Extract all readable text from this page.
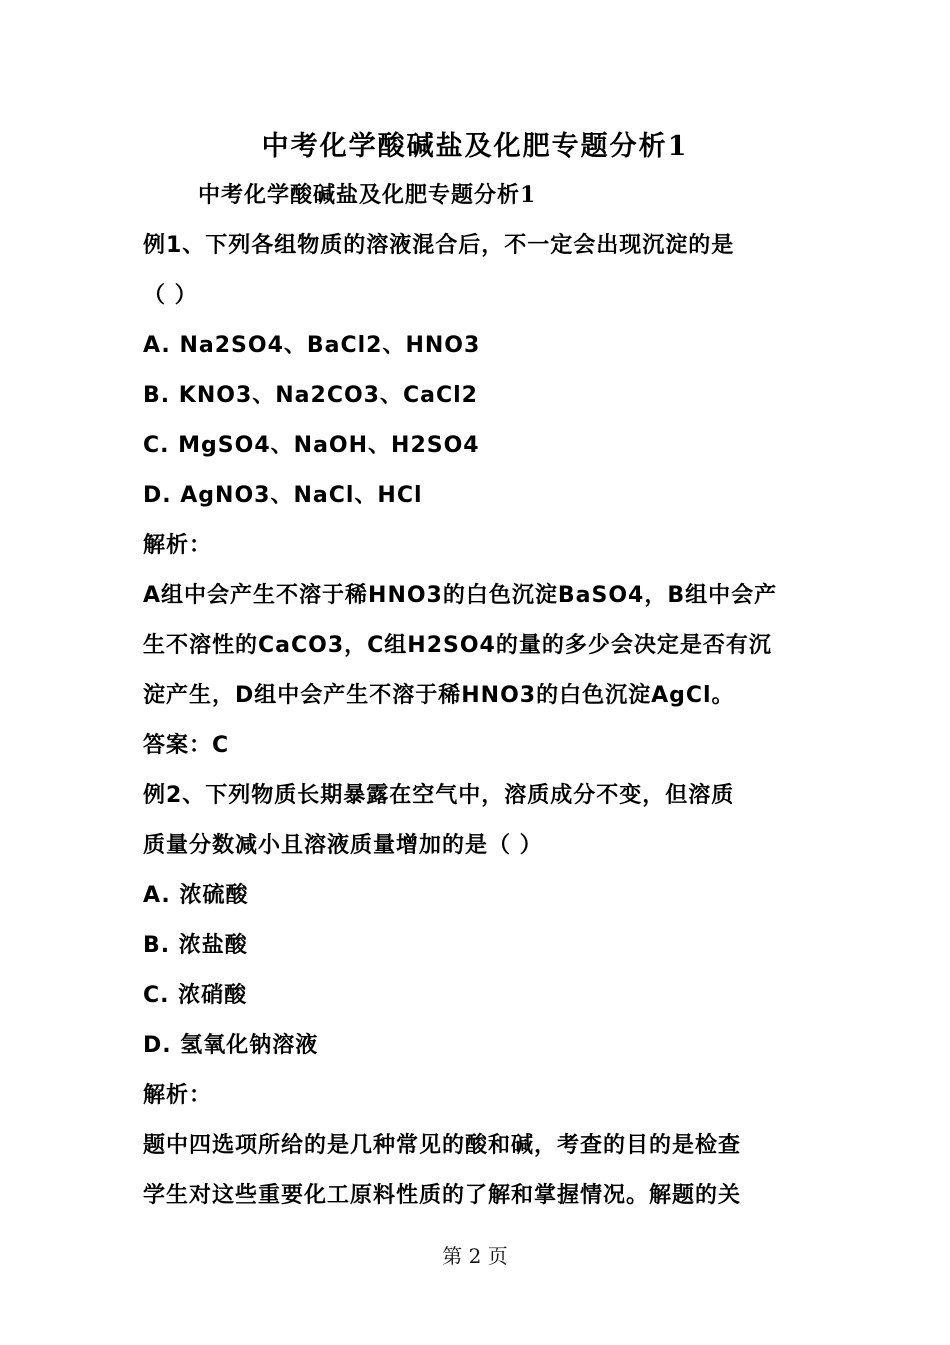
中考化学酸碱盐及化肥专题分析1
中考化学酸碱盐及化肥专题分析1
例1、下列各组物质的溶液混合后，不一定会出现沉淀的是
（ ）
A. Na2SO4、BaCl2、HNO3
B. KNO3、Na2CO3、CaCl2
C. MgSO4、NaOH、H2SO4
D. AgNO3、NaCl、HCl
解析：
A组中会产生不溶于稀HNO3的白色沉淀BaSO4，B组中会产
生不溶性的CaCO3，C组H2SO4的量的多少会决定是否有沉
淀产生，D组中会产生不溶于稀HNO3的白色沉淀AgCl。
答案：C
例2、下列物质长期暴露在空气中，溶质成分不变，但溶质
质量分数减小且溶液质量增加的是（ ）
A. 浓硫酸
B. 浓盐酸
C. 浓硝酸
D. 氢氧化钠溶液
解析：
题中四选项所给的是几种常见的酸和碱，考查的目的是检查
学生对这些重要化工原料性质的了解和掌握情况。解题的关
第 2 页
